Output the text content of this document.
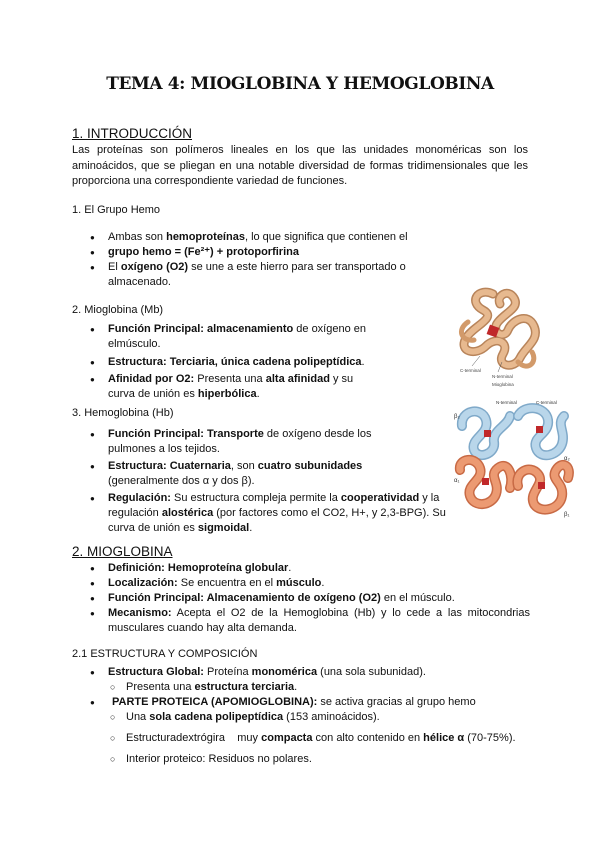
TEMA 4: MIOGLOBINA Y HEMOGLOBINA
1. INTRODUCCIÓN
Las proteínas son polímeros lineales en los que las unidades monoméricas son los aminoácidos, que se pliegan en una notable diversidad de formas tridimensionales que les proporciona una correspondiente variedad de funciones.
1. El Grupo Hemo
● Ambas son hemoproteínas, lo que significa que contienen el
● grupo hemo = (Fe²⁺) + protoporfirina
● El oxígeno (O2) se une a este hierro para ser transportado o almacenado.
2. Mioglobina (Mb)
● Función Principal: almacenamiento de oxígeno en elmúsculo.
● Estructura: Terciaria, única cadena polipeptídica.
● Afinidad por O2: Presenta una alta afinidad y su curva de unión es hiperbólica.
C-terminal
N-terminal
Mioglobina
3. Hemoglobina (Hb)
● Función Principal: Transporte de oxígeno desde los pulmones a los tejidos.
● Estructura: Cuaternaria, son cuatro subunidades (generalmente dos α y dos β).
● Regulación: Su estructura compleja permite la cooperatividad y la regulación alostérica (por factores como el CO2, H+, y 2,3-BPG). Su curva de unión es sigmoidal.
β₂
N-terminal	C-terminal
α₁
α₂
β₁
2. MIOGLOBINA
● Definición: Hemoproteína globular.
● Localización: Se encuentra en el músculo.
● Función Principal: Almacenamiento de oxígeno (O2) en el músculo.
● Mecanismo: Acepta el O2 de la Hemoglobina (Hb) y lo cede a las mitocondrias musculares cuando hay alta demanda.
2.1 ESTRUCTURA Y COMPOSICIÓN
● Estructura Global: Proteína monomérica (una sola subunidad).
○ Presenta una estructura terciaria.
● PARTE PROTEICA (APOMIOGLOBINA): se activa gracias al grupo hemo
○ Una sola cadena polipeptídica (153 aminoácidos).
○ Estructuradextrógira    muy compacta con alto contenido en hélice α (70-75%).
○ Interior proteico: Residuos no polares.
